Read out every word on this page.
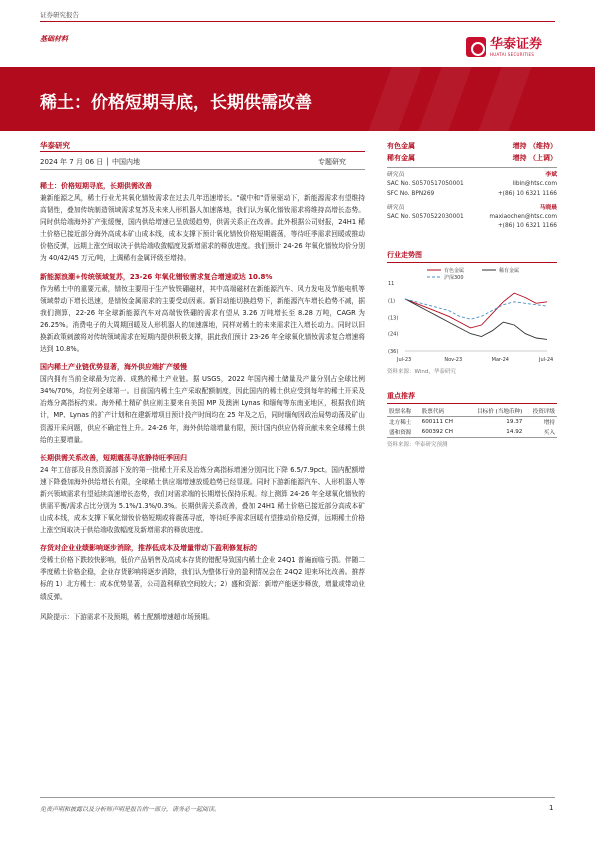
证券研究报告
基础材料	华泰证券
HUATAI SECURITIES
稀土：价格短期寻底，长期供需改善
华泰研究
2024 年 7 月 06 日 │ 中国内地	专题研究
稀土：价格短期寻底，长期供需改善
兼新能源之风，稀土行业尤其氧化镨钕需求在过去几年迅速增长。"碳中和"背景驱动下，新能源需求有望维持高韧性，叠加传统制造领域需求复苏及未来人形机器人加速落地，我们认为氧化镨钕需求将维持高增长态势。同时供给端海外扩产张缓慢，国内供给增速已呈放缓趋势，供需关系正在改善。此外根据公司财报，24H1 稀土价格已接近部分海外高成本矿山成本线，成本支撑下预计氧化镨钕价格短期震荡，等待旺季需求回暖或推动价格反弹，远期上涨空间取决于供给端收敛幅度及新增需求的释放进度。我们预计 24-26 年氧化镨钕均价分别为 40/42/45 万元/吨，上调稀有金属评级至增持。
新能源浪潮+传统领域复苏，23-26 年氧化镨钕需求复合增速或达 10.8%
作为稀土中的重要元素，镨钕主要用于生产钕铁硼磁材，其中高端磁材在新能源汽车、风力发电及节能电机等领域带动下增长迅速，是镨钕金属需求的主要受动因素。新旧动能切换趋势下，新能源汽车增长趋势不减，据我们测算，22-26 年全球新能源汽车对高端钕铁硼的需求有望从 3.26 万吨增长至 8.28 万吨，CAGR 为 26.25%。消费电子的大周期回暖及人形机器人的加速落地，同样对稀土的未来需求注入增长动力。同时以旧换新政策刺激将对传统领域需求在短期内提供积极支撑，据此我们预计 23-26 年全球氧化镨钕需求复合增速将达到 10.8%。
国内稀土产业链优势显著，海外供应端扩产缓慢
国内拥有当前全球最为完善、成熟的稀土产业链。据 USGS，2022 年国内稀土储量及产量分别占全球比例 34%/70%，均位列全球第一。目前国内稀土生产采取配额制度，因此国内的稀土供应受到每年的稀土开采及冶炼分离指标约束。海外稀土精矿供应则主要来自美国 MP 及澳洲 Lynas 和缅甸等东南亚地区，根据我们统计，MP、Lynas 的扩产计划和在建新增项目预计投产时间均在 25 年及之后，同时缅甸因政治局势动荡及矿山资源开采问题，供应不确定性上升。24-26 年，海外供给端增量有限，预计国内供应仍将贡献未来全球稀土供给的主要增量。
长期供需关系改善，短期震荡寻底静待旺季回归
24 年工信部及自然资源部下发的第一批稀土开采及冶炼分离指标增速分别同比下降 6.5/7.9pct。国内配额增速下降叠加海外供给增长有限，全球稀土供应端增速放缓趋势已经显现。同时下游新能源汽车、人形机器人等新兴领域需求有望延续高速增长态势，我们对需求端的长期增长保持乐观。综上测算 24-26 年全球氧化镨钕的供需平衡/需求占比分别为 5.1%/1.3%/0.3%。长期供需关系改善，叠加 24H1 稀土价格已接近部分高成本矿山成本线，成本支撑下氧化镨钕价格短期或将震荡寻底，等待旺季需求回暖有望推动价格反弹，远期稀土价格上涨空间取决于供给端收敛幅度及新增需求的释放进度。
存货对企业业绩影响逐步消除，推荐低成本及增量带动下盈利修复标的
受稀土价格下跌较快影响，低价产品销售及高成本存货的错配导致国内稀土企业 24Q1 普遍面临亏损。伴随二季度稀土价格企稳，企业存货影响将逐步消除，我们认为整体行业的盈利情况会在 24Q2 迎来环比改善。推荐标的 1）北方稀土：成本优势显著，公司盈利释放空间较大；2）盛和资源：新增产能逐步释放，增量或带动业绩反弹。
风险提示：下游需求不及预期，稀土配额增速超市场预期。
有色金属	增持 （维持）
稀有金属	增持 （上调）
研究员	李斌
SAC No. S0570517050001	libin@htsc.com
SFC No. BPN269	+(86) 10 6321 1166
研究员	马晓晨
SAC No. S0570522030001	maxiaochen@htsc.com
+(86) 10 6321 1166
行业走势图
有色金属	稀有金属
沪深300
11
(1)
(13)
(24)
(36)
Jul-23	Nov-23	Mar-24	Jul-24
资料来源：Wind，华泰研究
重点推荐
股票名称	股票代码	目标价 (当地币种)	投资评级
北方稀土	600111 CH	19.37	增持
盛和资源	600392 CH	14.92	买入
资料来源：华泰研究预测
免责声明和披露以及分析师声明是报告的一部分，请务必一起阅读。	1
